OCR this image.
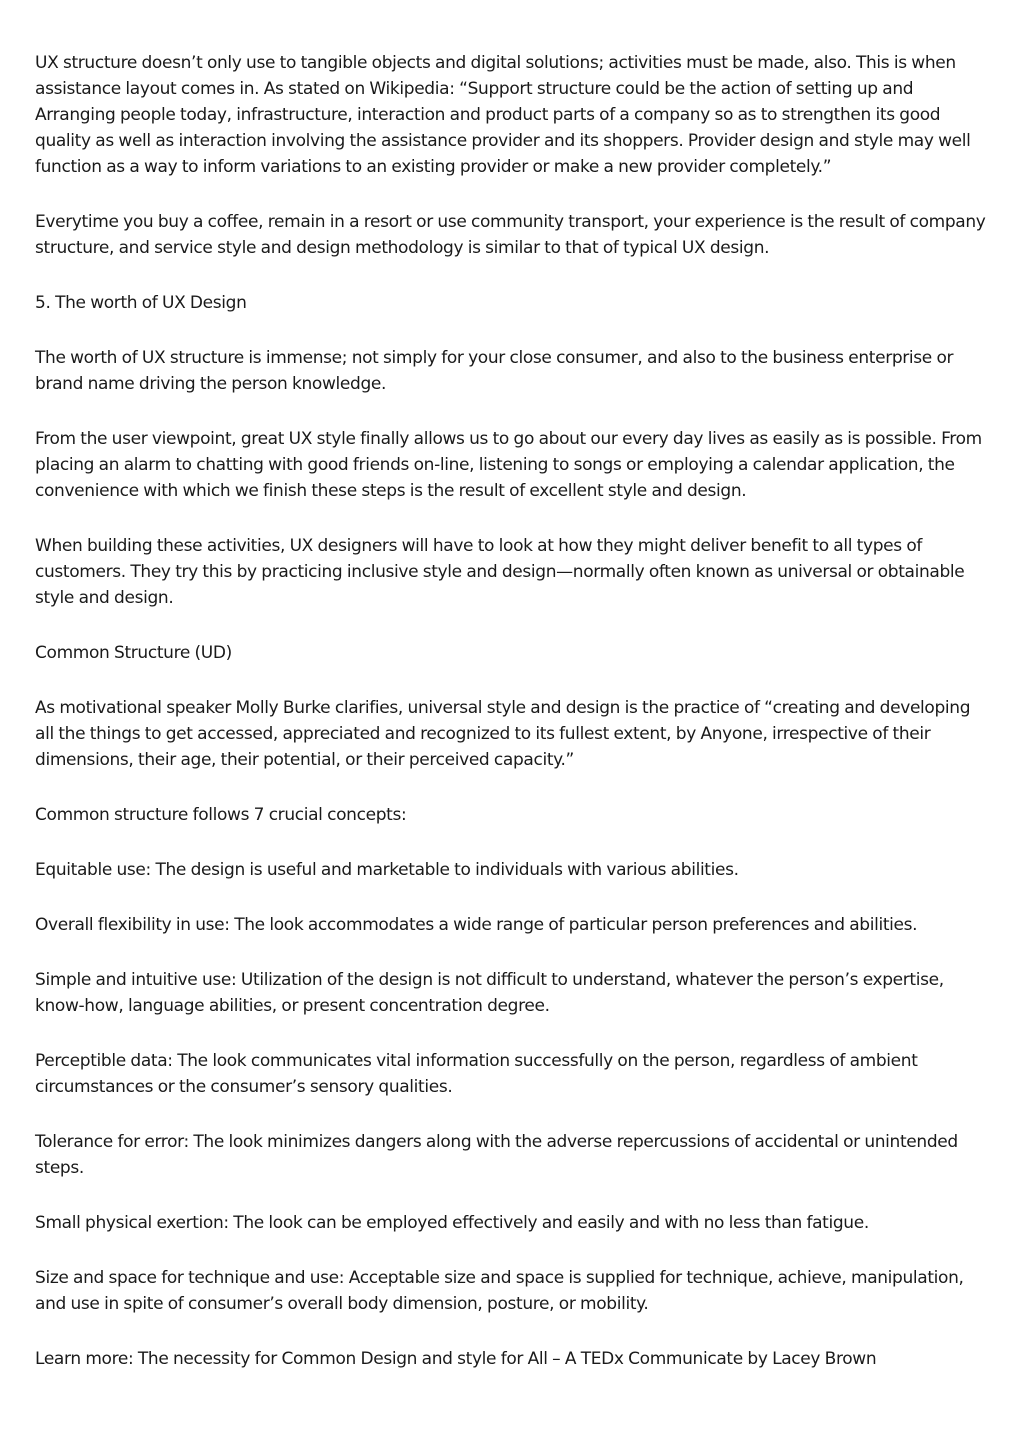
UX structure doesn’t only use to tangible objects and digital solutions; activities must be made, also. This is when assistance layout comes in. As stated on Wikipedia: “Support structure could be the action of setting up and Arranging people today, infrastructure, interaction and product parts of a company so as to strengthen its good quality as well as interaction involving the assistance provider and its shoppers. Provider design and style may well function as a way to inform variations to an existing provider or make a new provider completely.”

Everytime you buy a coffee, remain in a resort or use community transport, your experience is the result of company structure, and service style and design methodology is similar to that of typical UX design.

5. The worth of UX Design

The worth of UX structure is immense; not simply for your close consumer, and also to the business enterprise or brand name driving the person knowledge.

From the user viewpoint, great UX style finally allows us to go about our every day lives as easily as is possible. From placing an alarm to chatting with good friends on-line, listening to songs or employing a calendar application, the convenience with which we finish these steps is the result of excellent style and design.

When building these activities, UX designers will have to look at how they might deliver benefit to all types of customers. They try this by practicing inclusive style and design—normally often known as universal or obtainable style and design.

Common Structure (UD)

As motivational speaker Molly Burke clarifies, universal style and design is the practice of “creating and developing all the things to get accessed, appreciated and recognized to its fullest extent, by Anyone, irrespective of their dimensions, their age, their potential, or their perceived capacity.”

Common structure follows 7 crucial concepts:

Equitable use: The design is useful and marketable to individuals with various abilities.

Overall flexibility in use: The look accommodates a wide range of particular person preferences and abilities.

Simple and intuitive use: Utilization of the design is not difficult to understand, whatever the person’s expertise, know-how, language abilities, or present concentration degree.

Perceptible data: The look communicates vital information successfully on the person, regardless of ambient circumstances or the consumer’s sensory qualities.

Tolerance for error: The look minimizes dangers along with the adverse repercussions of accidental or unintended steps.

Small physical exertion: The look can be employed effectively and easily and with no less than fatigue.

Size and space for technique and use: Acceptable size and space is supplied for technique, achieve, manipulation, and use in spite of consumer’s overall body dimension, posture, or mobility.

Learn more: The necessity for Common Design and style for All – A TEDx Communicate by Lacey Brown
